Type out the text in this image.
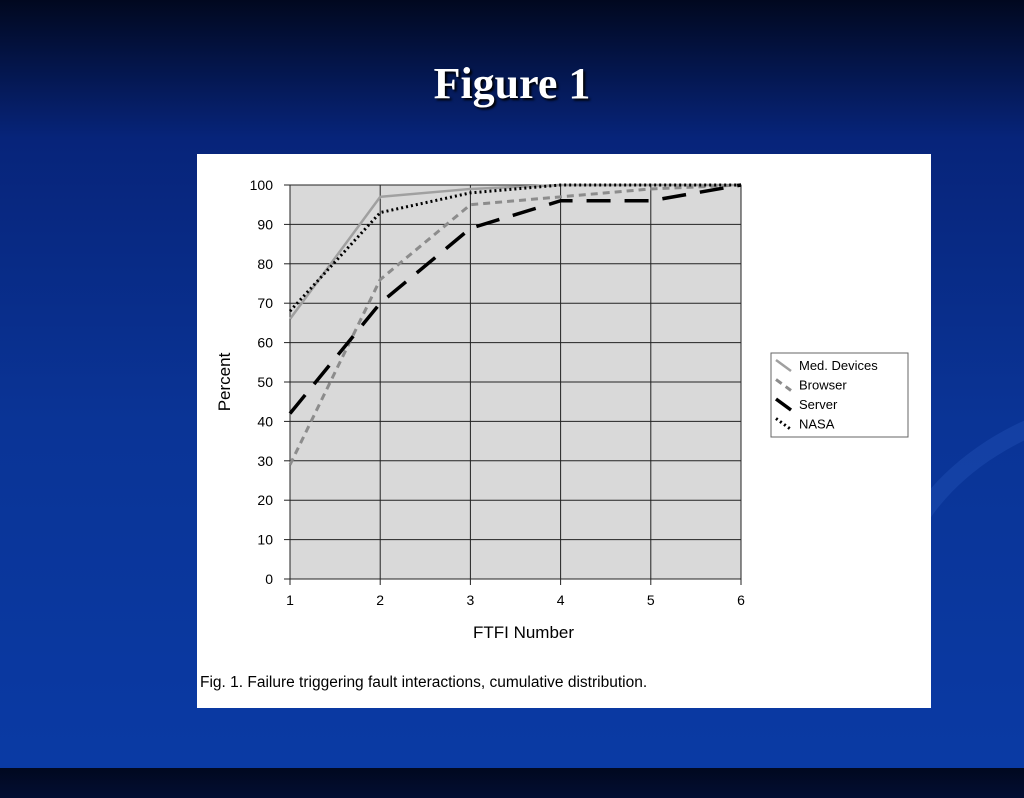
Figure 1
0
10
20
30
40
50
60
70
80
90
100
1	2	3	4	5	6
FTFI Number
Percent	Med. Devices
Browser
Server
NASA
Fig. 1. Failure triggering fault interactions, cumulative distribution.
